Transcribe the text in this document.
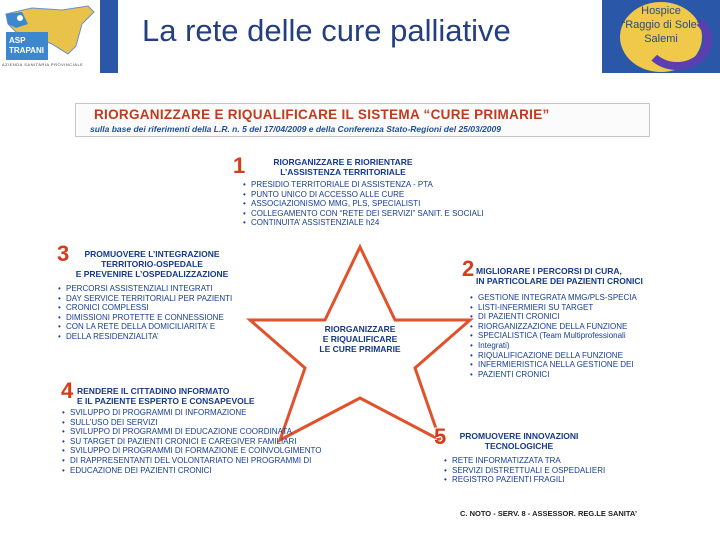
ASP
TRAPANI
AZIENDA SANITARIA PROVINCIALE
La rete delle cure palliative
Hospice
“Raggio di Sole”
Salemi
RIORGANIZZARE E RIQUALIFICARE IL SISTEMA “CURE PRIMARIE”
sulla base dei riferimenti della L.R. n. 5 del 17/04/2009 e della Conferenza Stato-Regioni del 25/03/2009
RIORGANIZZARE
E RIQUALIFICARE
LE CURE PRIMARIE
1	RIORGANIZZARE E RIORIENTARE
L’ASSISTENZA TERRITORIALE
• PRESIDIO TERRITORIALE DI ASSISTENZA - PTA
• PUNTO UNICO DI ACCESSO ALLE CURE
• ASSOCIAZIONISMO MMG, PLS, SPECIALISTI
• COLLEGAMENTO CON “RETE DEI SERVIZI” SANIT. E SOCIALI
• CONTINUITA’ ASSISTENZIALE h24
2 MIGLIORARE I PERCORSI DI CURA,
IN PARTICOLARE DEI PAZIENTI CRONICI
• GESTIONE INTEGRATA MMG/PLS-SPECIA
• LISTI-INFERMIERI SU TARGET
• DI PAZIENTI CRONICI
• RIORGANIZZAZIONE DELLA FUNZIONE
• SPECIALISTICA (Team Multiprofessionali
• Integrati)
• RIQUALIFICAZIONE DELLA FUNZIONE
• INFERMIERISTICA NELLA GESTIONE DEI
• PAZIENTI CRONICI
3	PROMUOVERE L’INTEGRAZIONE
TERRITORIO-OSPEDALE
E PREVENIRE L’OSPEDALIZZAZIONE
• PERCORSI ASSISTENZIALI INTEGRATI
• DAY SERVICE TERRITORIALI PER PAZIENTI
• CRONICI COMPLESSI
• DIMISSIONI PROTETTE E CONNESSIONE
• CON LA RETE DELLA DOMICILIARITA’ E
• DELLA RESIDENZIALITA’
4 RENDERE IL CITTADINO INFORMATO
E IL PAZIENTE ESPERTO E CONSAPEVOLE
• SVILUPPO DI PROGRAMMI DI INFORMAZIONE
• SULL’USO DEI SERVIZI
• SVILUPPO DI PROGRAMMI DI EDUCAZIONE COORDINATA
• SU TARGET DI PAZIENTI CRONICI E CAREGIVER FAMILIARI
• SVILUPPO DI PROGRAMMI DI FORMAZIONE E COINVOLGIMENTO
• DI RAPPRESENTANTI DEL VOLONTARIATO NEI PROGRAMMI DI
• EDUCAZIONE DEI PAZIENTI CRONICI
5	PROMUOVERE INNOVAZIONI
TECNOLOGICHE
• RETE INFORMATIZZATA TRA
• SERVIZI DISTRETTUALI E OSPEDALIERI
• REGISTRO PAZIENTI FRAGILI
C. NOTO - SERV. 8 - ASSESSOR. REG.LE SANITA’
